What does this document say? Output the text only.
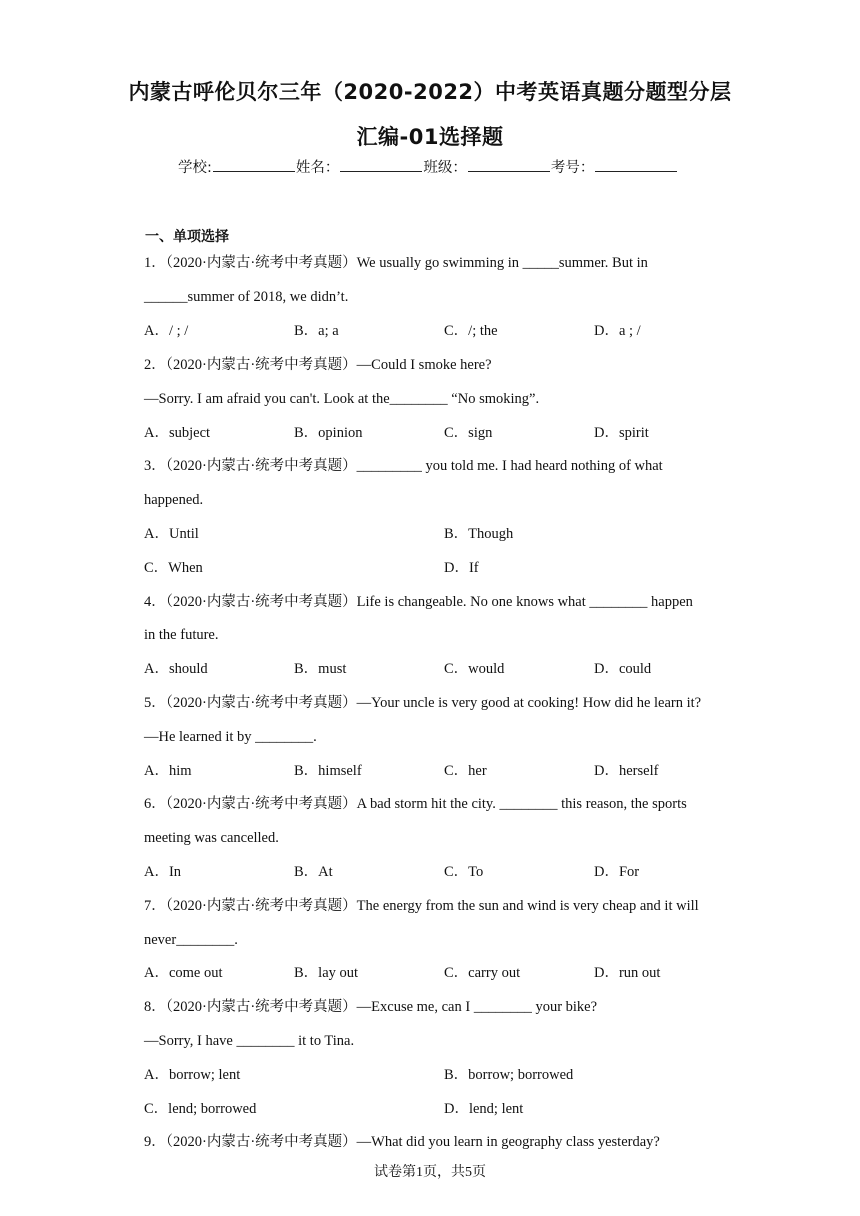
内蒙古呼伦贝尔三年（2020-2022）中考英语真题分题型分层
汇编-01选择题
学校:	姓名：	班级：	考号：
一、单项选择
1．（2020·内蒙古·统考中考真题）We usually go swimming in _____summer. But in
______summer of 2018, we didn’t.
A．/ ; /	B．a; a	C．/; the	D．a ; /
2．（2020·内蒙古·统考中考真题）—Could I smoke here?
—Sorry. I am afraid you can't. Look at the________ “No smoking”.
A．subject	B．opinion	C．sign	D．spirit
3．（2020·内蒙古·统考中考真题）_________ you told me. I had heard nothing of what
happened.
A．Until	B．Though
C．When	D．If
4．（2020·内蒙古·统考中考真题）Life is changeable. No one knows what ________ happen
in the future.
A．should	B．must	C．would	D．could
5．（2020·内蒙古·统考中考真题）—Your uncle is very good at cooking! How did he learn it?
—He learned it by ________.
A．him	B．himself	C．her	D．herself
6．（2020·内蒙古·统考中考真题）A bad storm hit the city. ________ this reason, the sports
meeting was cancelled.
A．In	B．At	C．To	D．For
7．（2020·内蒙古·统考中考真题）The energy from the sun and wind is very cheap and it will
never________.
A．come out	B．lay out	C．carry out	D．run out
8．（2020·内蒙古·统考中考真题）—Excuse me, can I ________ your bike?
—Sorry, I have ________ it to Tina.
A．borrow; lent	B．borrow; borrowed
C．lend; borrowed	D．lend; lent
9．（2020·内蒙古·统考中考真题）—What did you learn in geography class yesterday?
试卷第1页，共5页
